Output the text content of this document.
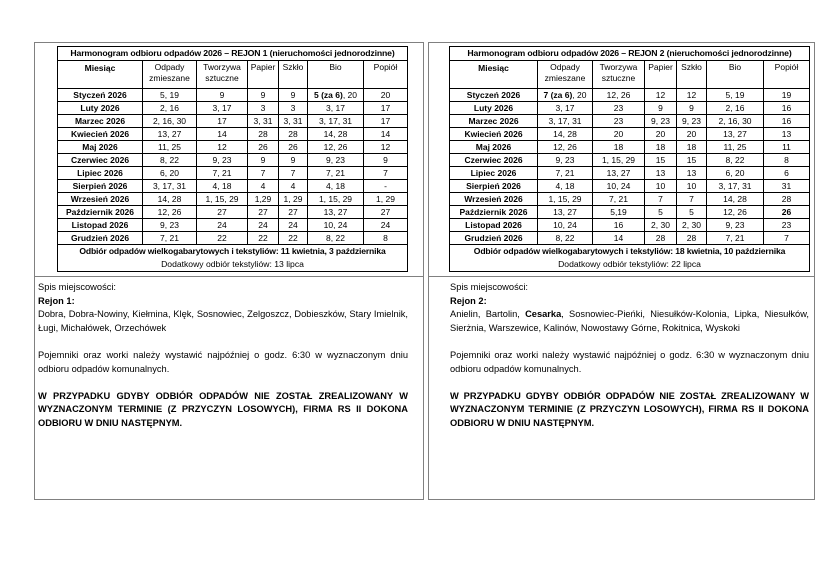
Harmonogram odbioru odpadów 2026 – REJON 1 (nieruchomości jednorodzinne)						
Miesiąc	Odpady zmieszane	Tworzywa sztuczne	Papier	Szkło	Bio	Popiół
Styczeń 2026	5, 19	9	9	9	5 (za 6), 20	20
Luty 2026	2, 16	3, 17	3	3	3, 17	17
Marzec 2026	2, 16, 30	17	3, 31	3, 31	3, 17, 31	17
Kwiecień 2026	13, 27	14	28	28	14, 28	14
Maj 2026	11, 25	12	26	26	12, 26	12
Czerwiec 2026	8, 22	9, 23	9	9	9, 23	9
Lipiec 2026	6, 20	7, 21	7	7	7, 21	7
Sierpień 2026	3, 17, 31	4, 18	4	4	4, 18	-
Wrzesień 2026	14, 28	1, 15, 29	1,29	1, 29	1, 15, 29	1, 29
Październik 2026	12, 26	27	27	27	13, 27	27
Listopad 2026	9, 23	24	24	24	10, 24	24
Grudzień 2026	7, 21	22	22	22	8, 22	8

Odbiór odpadów wielkogabarytowych i tekstyliów: 11 kwietnia, 3 października
Dodatkowy odbiór tekstyliów: 13 lipca						

Spis miejscowości:

Rejon 1:

Dobra, Dobra-Nowiny, Kiełmina, Klęk, Sosnowiec, Zelgoszcz, Dobieszków, Stary Imielnik, Ługi, Michałówek, Orzechówek

Pojemniki oraz worki należy wystawić najpóźniej o godz. 6:30 w wyznaczonym dniu odbioru odpadów komunalnych.

W PRZYPADKU GDYBY ODBIÓR ODPADÓW NIE ZOSTAŁ ZREALIZOWANY W WYZNACZONYM TERMINIE (Z PRZYCZYN LOSOWYCH), FIRMA RS II DOKONA ODBIORU W DNIU NASTĘPNYM.

Harmonogram odbioru odpadów 2026 – REJON 2 (nieruchomości jednorodzinne)						
Miesiąc	Odpady zmieszane	Tworzywa sztuczne	Papier	Szkło	Bio	Popiół
Styczeń 2026	7 (za 6), 20	12, 26	12	12	5, 19	19
Luty 2026	3, 17	23	9	9	2, 16	16
Marzec 2026	3, 17, 31	23	9, 23	9, 23	2, 16, 30	16
Kwiecień 2026	14, 28	20	20	20	13, 27	13
Maj 2026	12, 26	18	18	18	11, 25	11
Czerwiec 2026	9, 23	1, 15, 29	15	15	8, 22	8
Lipiec 2026	7, 21	13, 27	13	13	6, 20	6
Sierpień 2026	4, 18	10, 24	10	10	3, 17, 31	31
Wrzesień 2026	1, 15, 29	7, 21	7	7	14, 28	28
Październik 2026	13, 27	5,19	5	5	12, 26	26
Listopad 2026	10, 24	16	2, 30	2, 30	9, 23	23
Grudzień 2026	8, 22	14	28	28	7, 21	7

Odbiór odpadów wielkogabarytowych i tekstyliów: 18 kwietnia, 10 października
Dodatkowy odbiór tekstyliów: 22 lipca						

Spis miejscowości:

Rejon 2:

Anielin, Bartolin, Cesarka, Sosnowiec-Pieńki, Niesułków-Kolonia, Lipka, Niesułków, Sierżnia, Warszewice, Kalinów, Nowostawy Górne, Rokitnica, Wyskoki

Pojemniki oraz worki należy wystawić najpóźniej o godz. 6:30 w wyznaczonym dniu odbioru odpadów komunalnych.

W PRZYPADKU GDYBY ODBIÓR ODPADÓW NIE ZOSTAŁ ZREALIZOWANY W WYZNACZONYM TERMINIE (Z PRZYCZYN LOSOWYCH), FIRMA RS II DOKONA ODBIORU W DNIU NASTĘPNYM.
